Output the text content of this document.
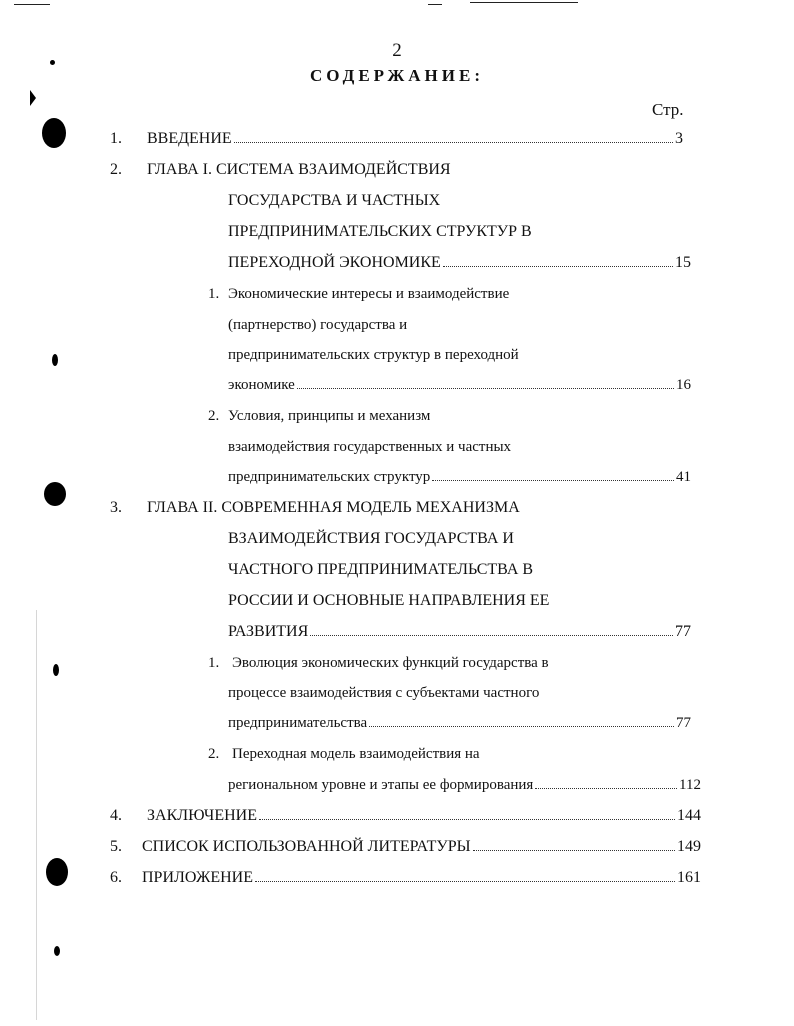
2
СОДЕРЖАНИЕ:
Стр.
1. ВВЕДЕНИЕ	3
2. ГЛАВА I. СИСТЕМА ВЗАИМОДЕЙСТВИЯ
ГОСУДАРСТВА И ЧАСТНЫХ
ПРЕДПРИНИМАТЕЛЬСКИХ СТРУКТУР В
ПЕРЕХОДНОЙ ЭКОНОМИКЕ	15
1. Экономические интересы и взаимодействие
(партнерство) государства и
предпринимательских структур в переходной
экономике	16
2. Условия, принципы и механизм
взаимодействия государственных и частных
предпринимательских структур	41
3. ГЛАВА II. СОВРЕМЕННАЯ МОДЕЛЬ МЕХАНИЗМА
ВЗАИМОДЕЙСТВИЯ ГОСУДАРСТВА И
ЧАСТНОГО ПРЕДПРИНИМАТЕЛЬСТВА В
РОССИИ И ОСНОВНЫЕ НАПРАВЛЕНИЯ ЕЕ
РАЗВИТИЯ	77
1. Эволюция экономических функций государства в
процессе взаимодействия с субъектами частного
предпринимательства	77
2. Переходная модель взаимодействия на
региональном уровне и этапы ее формирования	112
4. ЗАКЛЮЧЕНИЕ	144
5. СПИСОК ИСПОЛЬЗОВАННОЙ ЛИТЕРАТУРЫ	149
6. ПРИЛОЖЕНИЕ	161
